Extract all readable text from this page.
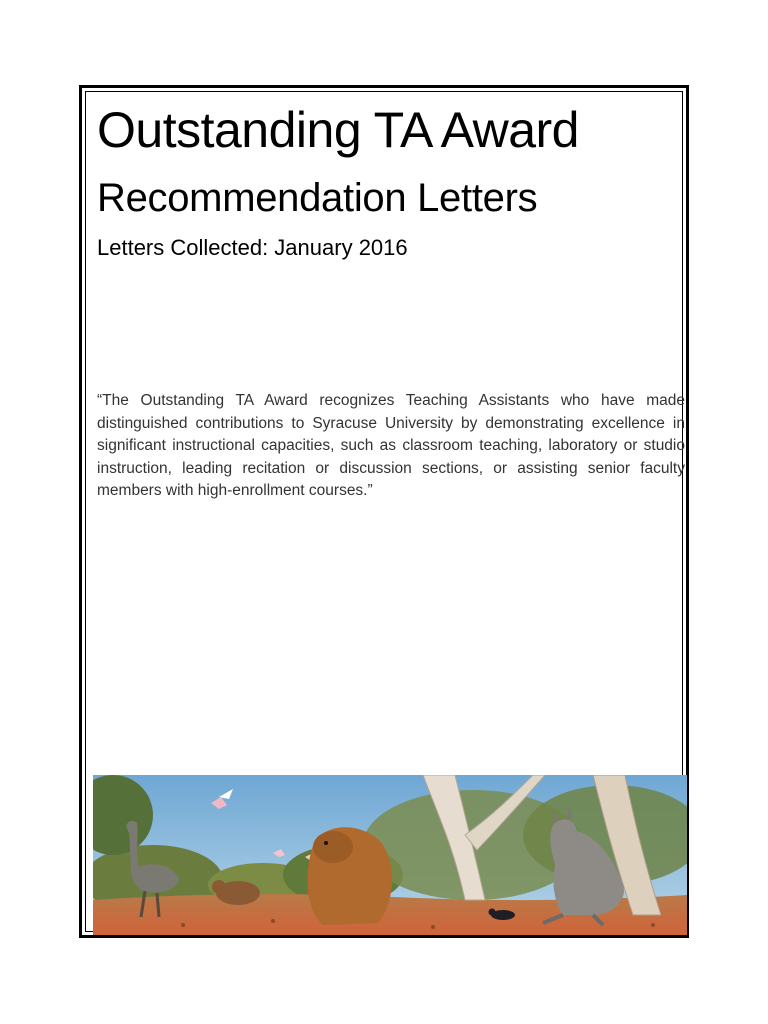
Outstanding TA Award
Recommendation Letters
Letters Collected: January 2016

“The Outstanding TA Award recognizes Teaching Assistants who have made distinguished contributions to Syracuse University by demonstrating excellence in significant instructional capacities, such as classroom teaching, laboratory or studio instruction, leading recitation or discussion sections, or assisting senior faculty members with high-enrollment courses.”
